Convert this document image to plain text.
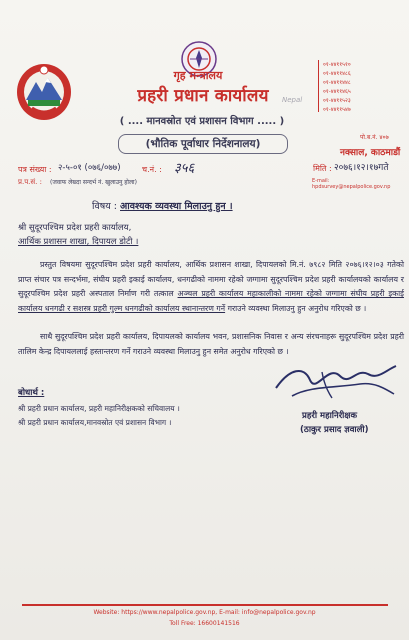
गृह मन्त्रालय
प्रहरी प्रधान कार्यालय	Nepal
( .... मानवस्रोत एवं प्रशासन विभाग ..... )
(भौतिक पूर्वाधार निर्देशनालय)
०१-४४११५१०
०१-४४११४८६
०१-४४११४४८
०१-४४११४६५
०१-४४११५२३
०१-४४११५४७
पो.ब.नं. ४०७
नक्साल, काठमाडौं
मिति : २०७६।१२।१७गते
E-mail: hpdsurvey@nepalpolice.gov.np
पत्र संख्या : २-५-०१ (०७६/०७७)	च.नं. : ३५६
प्र.प.सं. : (जवाफ लेख्दा सन्दर्भ नं. खुलाउनु होला)
विषय : आवश्यक व्यवस्था मिलाउनु हुन ।
श्री सुदूरपश्चिम प्रदेश प्रहरी कार्यालय,
आर्थिक प्रशासन शाखा, दिपायल डोटी ।
प्रस्तुत विषयमा सुदूरपश्चिम प्रदेश प्रहरी कार्यालय, आर्थिक प्रशासन शाखा, दिपायलको मि.नं. ७९८२ मिति २०७६।१२।०३ गतेको प्राप्त संचार पत्र सन्दर्भमा, संघीय प्रहरी इकाई कार्यालय, धनगढीको नाममा रहेको जग्गामा सुदूरपश्चिम प्रदेश प्रहरी कार्यालयको कार्यालय र सुदूरपश्चिम प्रदेश प्रहरी अस्पताल निर्माण गरी तत्काल अञ्चल प्रहरी कार्यालय महाकालीको नाममा रहेको जग्गामा संघीय प्रहरी इकाई कार्यालय धनगढी र सशस्त्र प्रहरी गुल्म धनगढीको कार्यालय स्थानान्तरण गर्ने गराउने व्यवस्था मिलाउनु हुन अनुरोध गरिएको छ ।
साथै सुदूरपश्चिम प्रदेश प्रहरी कार्यालय, दिपायलको कार्यालय भवन, प्रशासनिक निवास र अन्य संरचनाहरू सुदूरपश्चिम प्रदेश प्रहरी तालिम केन्द्र दिपायललाई हस्तान्तरण गर्ने गराउने व्यवस्था मिलाउनु हुन समेत अनुरोध गरिएको छ ।
प्रहरी महानिरीक्षक
(ठाकुर प्रसाद ज्ञवाली)
बोधार्थ :
श्री प्रहरी प्रधान कार्यालय, प्रहरी महानिरीक्षकको सचिवालय ।
श्री प्रहरी प्रधान कार्यालय,मानवस्रोत एवं प्रशासन विभाग ।
Website: https://www.nepalpolice.gov.np, E-mail: info@nepalpolice.gov.np
Toll Free: 16600141516
